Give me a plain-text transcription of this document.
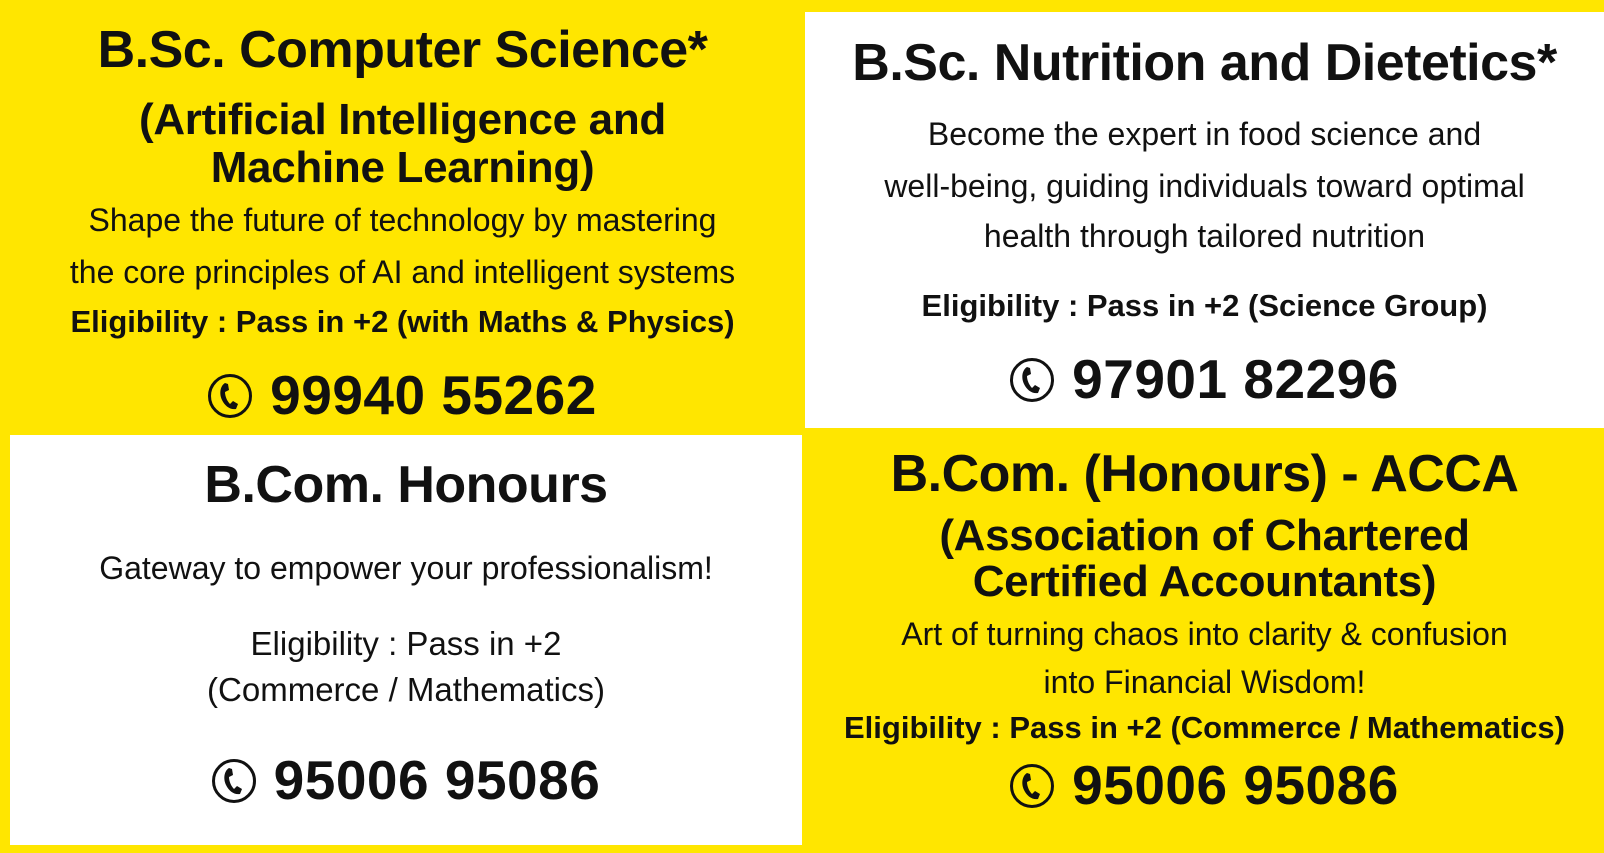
B.Sc. Computer Science*
(Artificial Intelligence and
Machine Learning)
Shape the future of technology by mastering
the core principles of AI and intelligent systems
Eligibility : Pass in +2 (with Maths & Physics)
99940 55262
B.Sc. Nutrition and Dietetics*
Become the expert in food science and
well-being, guiding individuals toward optimal
health through tailored nutrition
Eligibility : Pass in +2 (Science Group)
97901 82296
B.Com. Honours
Gateway to empower your professionalism!
Eligibility : Pass in +2
(Commerce / Mathematics)
95006 95086
B.Com. (Honours) - ACCA
(Association of Chartered
Certified Accountants)
Art of turning chaos into clarity & confusion
into Financial Wisdom!
Eligibility : Pass in +2 (Commerce / Mathematics)
95006 95086
